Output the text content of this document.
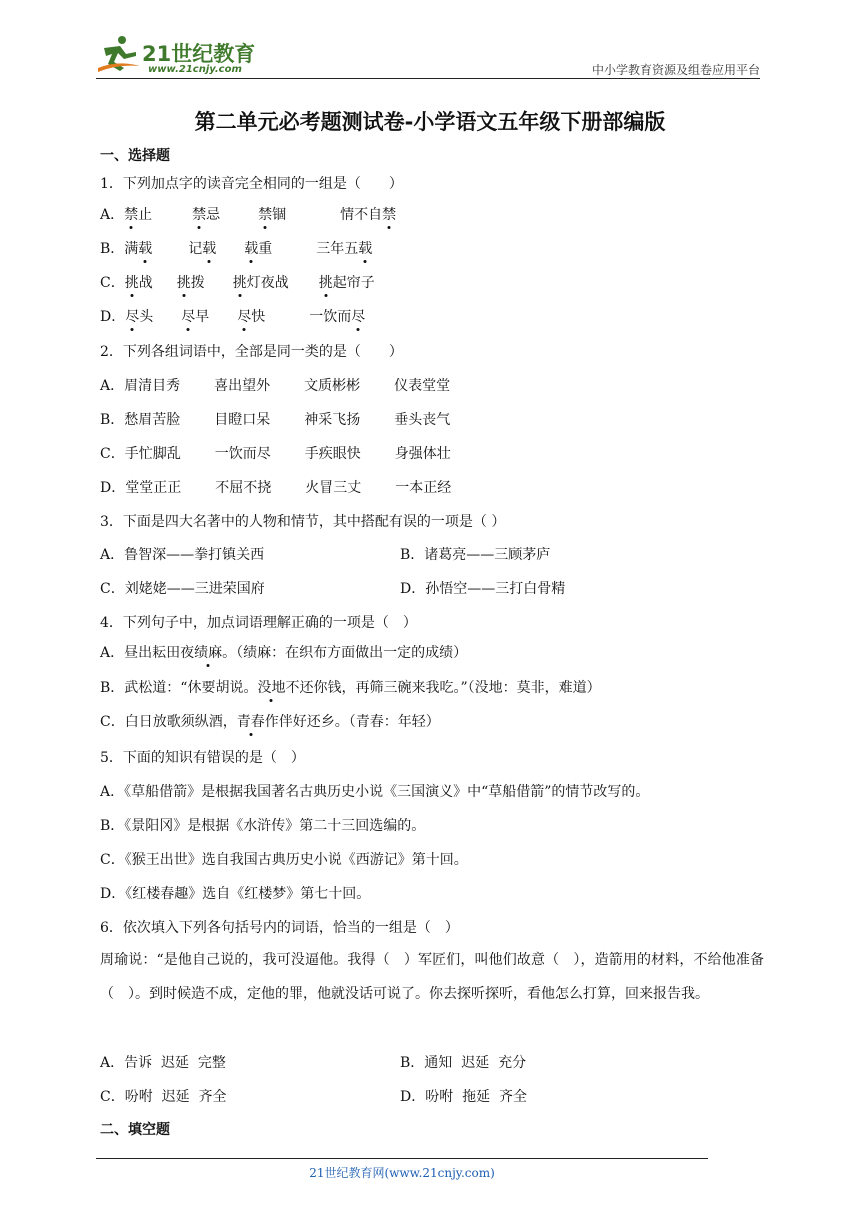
21世纪教育
www.21cnjy.com	中小学教育资源及组卷应用平台
第二单元必考题测试卷-小学语文五年级下册部编版
一、选择题
1．下列加点字的读音完全相同的一组是（　　）
A．禁止	禁忌	禁锢	情不自禁
B．满载	记载 载重	三年五载
C．挑战 挑拨 挑灯夜战 挑起帘子
D．尽头 尽早 尽快	一饮而尽
2．下列各组词语中，全部是同一类的是（　　）
A．眉清目秀 喜出望外 文质彬彬 仪表堂堂
B．愁眉苦脸 目瞪口呆 神采飞扬 垂头丧气
C．手忙脚乱 一饮而尽 手疾眼快 身强体壮
D．堂堂正正 不屈不挠 火冒三丈 一本正经
3．下面是四大名著中的人物和情节，其中搭配有误的一项是（ ）
A．鲁智深——拳打镇关西	B．诸葛亮——三顾茅庐
C．刘姥姥——三进荣国府	D．孙悟空——三打白骨精
4．下列句子中，加点词语理解正确的一项是（　）
A．昼出耘田夜绩麻。（绩麻：在织布方面做出一定的成绩）
B．武松道：“休要胡说。没地不还你钱，再筛三碗来我吃。”（没地：莫非，难道）
C．白日放歌须纵酒，青春作伴好还乡。（青春：年轻）
5．下面的知识有错误的是（　）
A．《草船借箭》是根据我国著名古典历史小说《三国演义》中“草船借箭”的情节改写的。
B．《景阳冈》是根据《水浒传》第二十三回选编的。
C．《猴王出世》选自我国古典历史小说《西游记》第十回。
D．《红楼春趣》选自《红楼梦》第七十回。
6．依次填入下列各句括号内的词语，恰当的一组是（　）
周瑜说：“是他自己说的，我可没逼他。我得（　）军匠们，叫他们故意（　），造箭用的材料，不给他准备（　）。到时候造不成，定他的罪，他就没话可说了。你去探听探听，看他怎么打算，回来报告我。
A．告诉  迟延  完整	B．通知  迟延  充分
C．吩咐  迟延  齐全	D．吩咐  拖延  齐全
二、填空题
21世纪教育网(www.21cnjy.com)
